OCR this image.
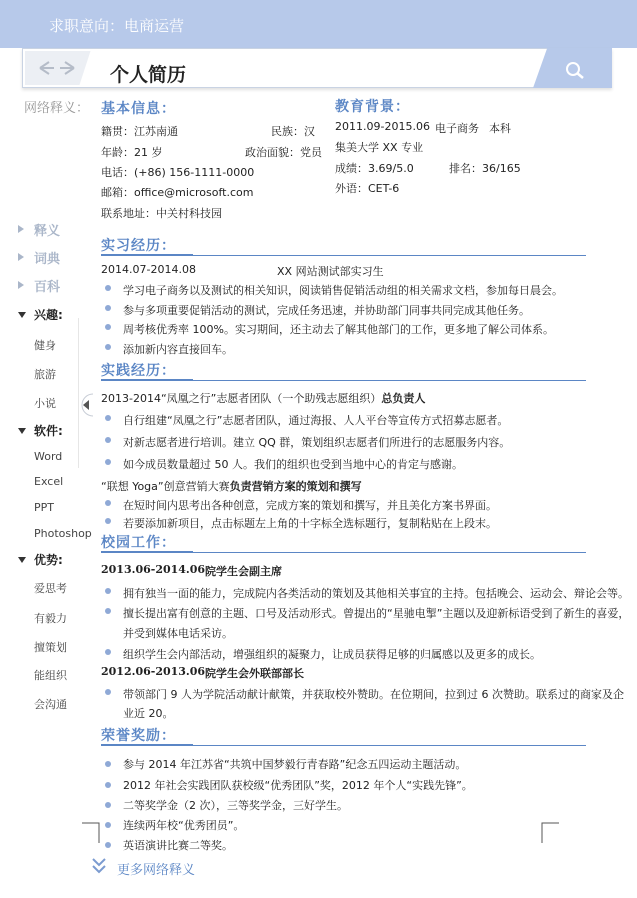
求职意向：电商运营
个人简历
网络释义：
释义
词典
百科
兴趣:
健身
旅游
小说
软件:
Word
Excel
PPT
Photoshop
优势:
爱思考
有毅力
擅策划
能组织
会沟通
基本信息：
籍贯：江苏南通	民族：汉
年龄：21 岁	政治面貌：党员
电话：(+86) 156-1111-0000
邮箱：office@microsoft.com
联系地址：中关村科技园
教育背景：
2011.09-2015.06 电子商务 本科
集美大学 XX 专业
成绩：3.69/5.0	排名：36/165
外语：CET-6
实习经历：
2014.07-2014.08	XX 网站测试部实习生
学习电子商务以及测试的相关知识，阅读销售促销活动组的相关需求文档，参加每日晨会。
参与多项重要促销活动的测试，完成任务迅速，并协助部门同事共同完成其他任务。
周考核优秀率 100%。实习期间，还主动去了解其他部门的工作，更多地了解公司体系。
添加新内容直接回车。
实践经历：
2013-2014“凤凰之行”志愿者团队（一个助残志愿组织）总负责人
自行组建“凤凰之行”志愿者团队，通过海报、人人平台等宣传方式招募志愿者。
对新志愿者进行培训。建立 QQ 群，策划组织志愿者们所进行的志愿服务内容。
如今成员数量超过 50 人。我们的组织也受到当地中心的肯定与感谢。
“联想 Yoga”创意营销大赛负责营销方案的策划和撰写
在短时间内思考出各种创意，完成方案的策划和撰写，并且美化方案书界面。
若要添加新项目，点击标题左上角的十字标全选标题行，复制粘贴在上段末。
校园工作：
2013.06-2014.06 院学生会副主席
拥有独当一面的能力，完成院内各类活动的策划及其他相关事宜的主持。包括晚会、运动会、辩论会等。
擅长提出富有创意的主题、口号及活动形式。曾提出的“星驰电掣”主题以及迎新标语受到了新生的喜爱，
并受到媒体电话采访。
组织学生会内部活动，增强组织的凝聚力，让成员获得足够的归属感以及更多的成长。
2012.06-2013.06 院学生会外联部部长
带领部门 9 人为学院活动献计献策，并获取校外赞助。在位期间，拉到过 6 次赞助。联系过的商家及企
业近 20。
荣誉奖励：
参与 2014 年江苏省“共筑中国梦毅行青春路”纪念五四运动主题活动。
2012 年社会实践团队获校级“优秀团队”奖，2012 年个人“实践先锋”。
二等奖学金（2 次），三等奖学金，三好学生。
连续两年校“优秀团员”。
英语演讲比赛二等奖。
更多网络释义
